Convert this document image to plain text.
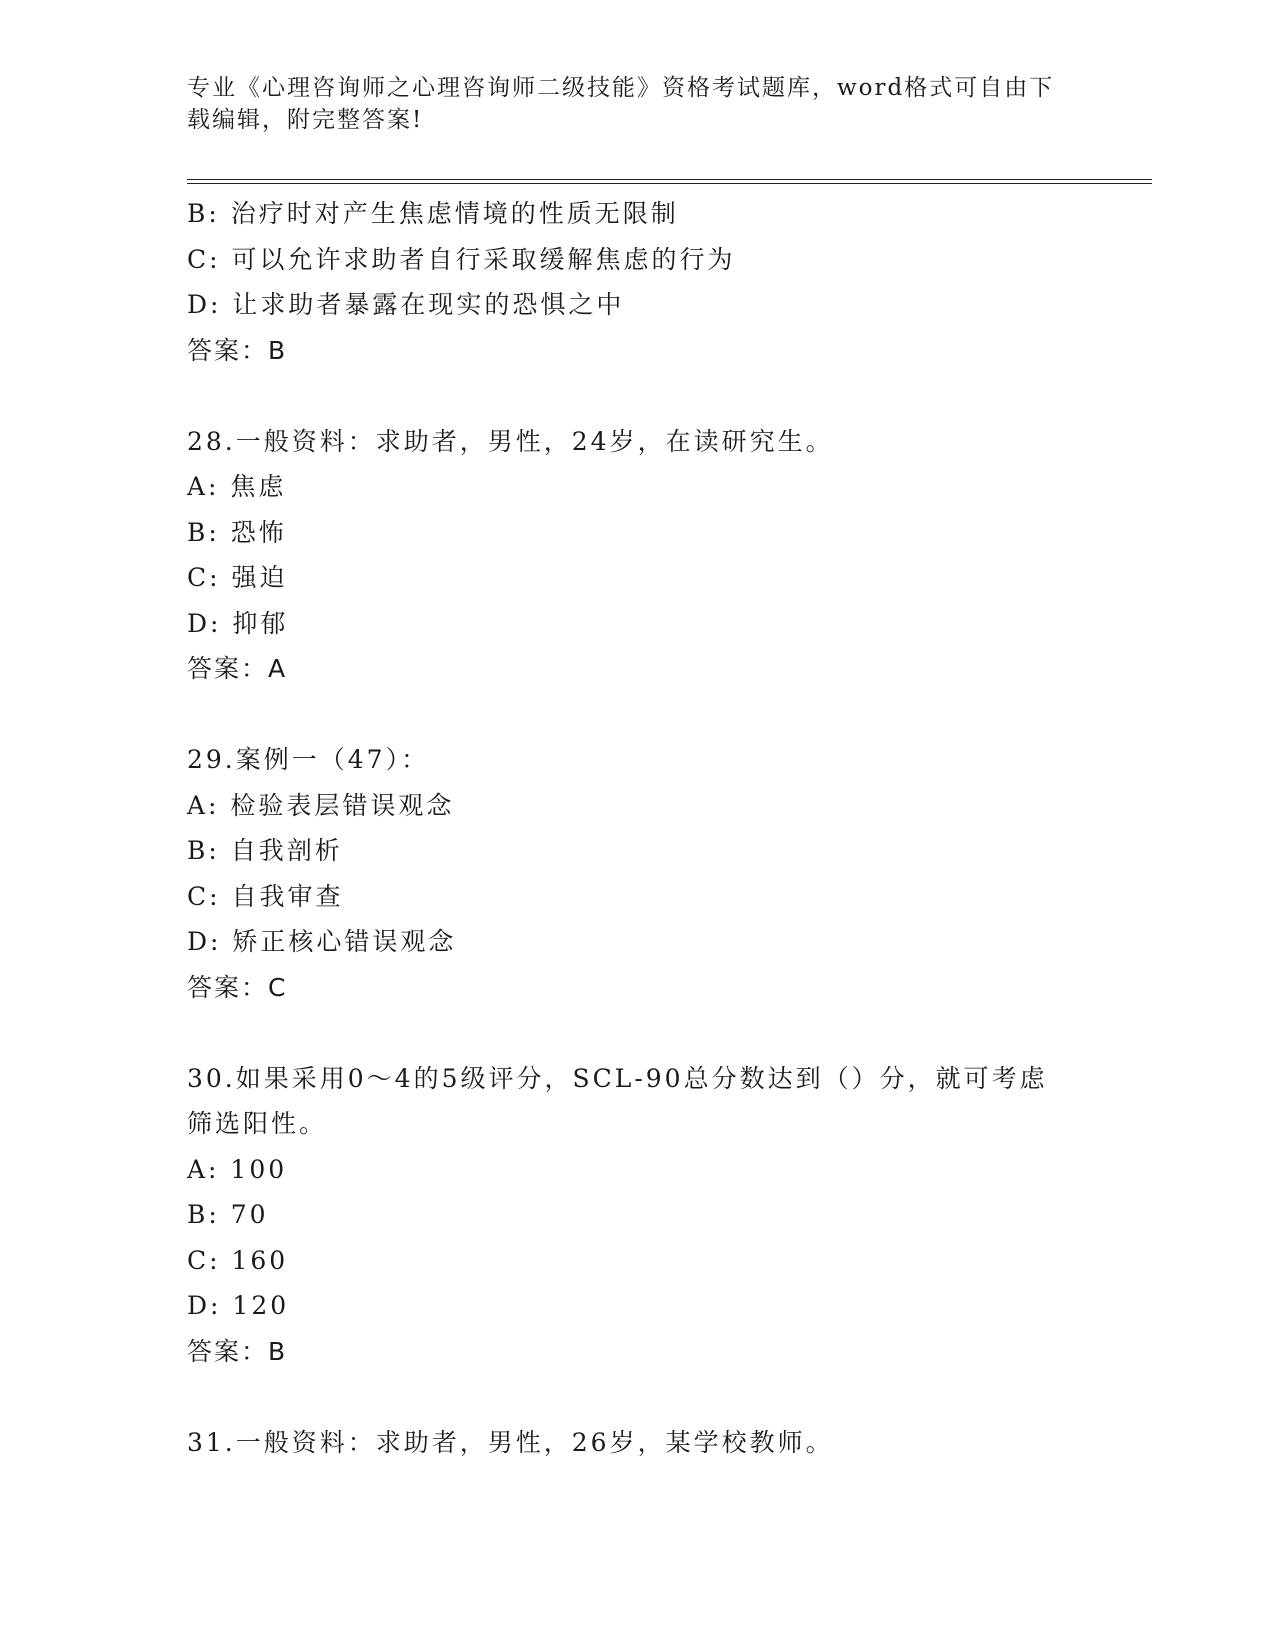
专业《心理咨询师之心理咨询师二级技能》资格考试题库，word格式可自由下载编辑，附完整答案!
B: 治疗时对产生焦虑情境的性质无限制
C: 可以允许求助者自行采取缓解焦虑的行为
D: 让求助者暴露在现实的恐惧之中
答案：B
28.一般资料：求助者，男性，24岁，在读研究生。
A: 焦虑
B: 恐怖
C: 强迫
D: 抑郁
答案：A
29.案例一（47）：
A: 检验表层错误观念
B: 自我剖析
C: 自我审查
D: 矫正核心错误观念
答案：C
30.如果采用0～4的5级评分，SCL-90总分数达到（）分，就可考虑筛选阳性。
A: 100
B: 70
C: 160
D: 120
答案：B
31.一般资料：求助者，男性，26岁，某学校教师。
